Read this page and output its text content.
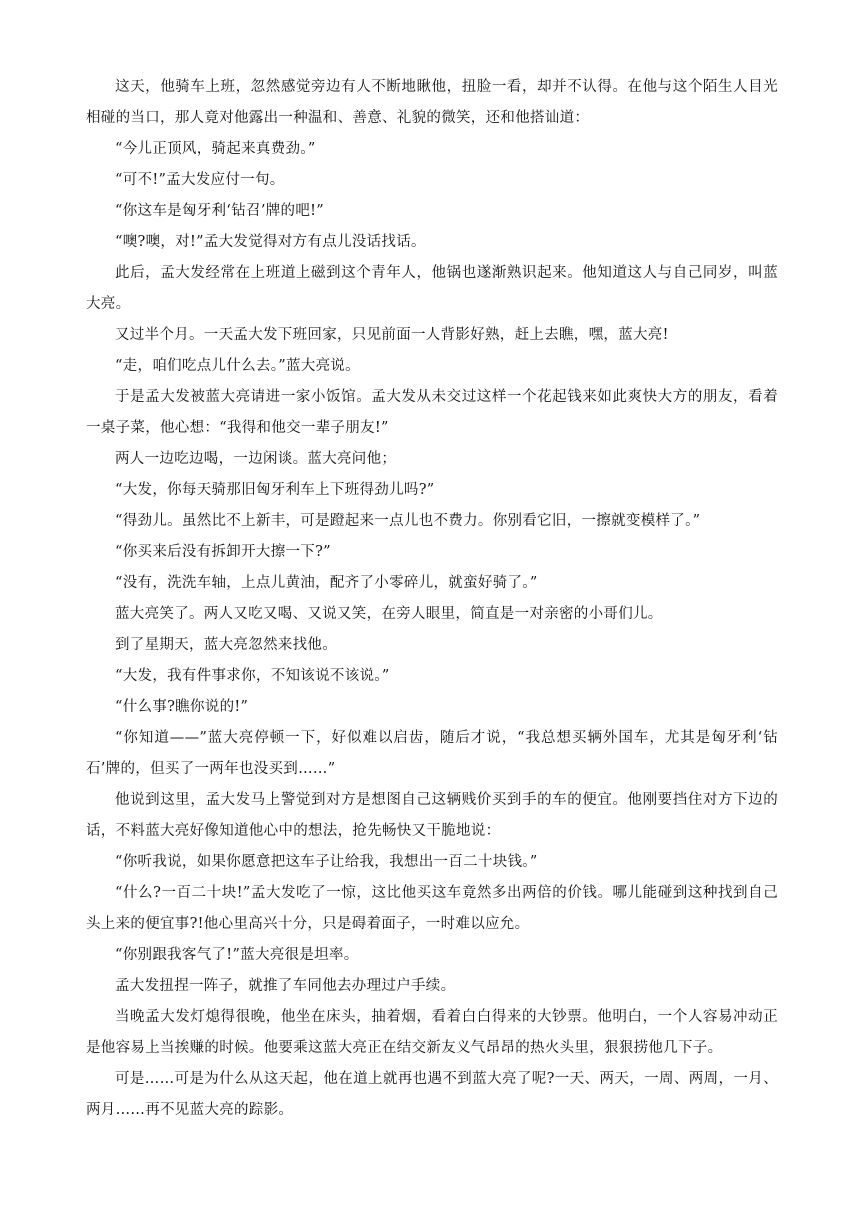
这天，他骑车上班，忽然感觉旁边有人不断地瞅他，扭脸一看，却并不认得。在他与这个陌生人目光相碰的当口，那人竟对他露出一种温和、善意、礼貌的微笑，还和他搭讪道：

“今儿正顶风，骑起来真费劲。”

“可不!”孟大发应付一句。

“你这车是匈牙利‘钻召’牌的吧!”

“噢?噢，对!”孟大发觉得对方有点儿没话找话。

此后，孟大发经常在上班道上磁到这个青年人，他锅也遂渐熟识起来。他知道这人与自己同岁，叫蓝大亮。

又过半个月。一天孟大发下班回家，只见前面一人背影好熟，赶上去瞧，嘿，蓝大亮!

“走，咱们吃点儿什么去。”蓝大亮说。

于是孟大发被蓝大亮请进一家小饭馆。孟大发从未交过这样一个花起钱来如此爽快大方的朋友，看着一桌子菜，他心想：“我得和他交一辈子朋友!”

两人一边吃边喝，一边闲谈。蓝大亮问他；

“大发，你每天骑那旧匈牙利车上下班得劲儿吗?”

“得劲儿。虽然比不上新丰，可是蹬起来一点儿也不费力。你别看它旧，一擦就变模样了。”

“你买来后没有拆卸开大擦一下?”

“没有，洗洗车轴，上点儿黄油，配齐了小零碎儿，就蛮好骑了。”

蓝大亮笑了。两人又吃又喝、又说又笑，在旁人眼里，简直是一对亲密的小哥们儿。

到了星期天，蓝大亮忽然来找他。

“大发，我有件事求你，不知该说不该说。”

“什么事?瞧你说的!”

“你知道——”蓝大亮停顿一下，好似难以启齿，随后才说，“我总想买辆外国车，尤其是匈牙利‘钻石’牌的，但买了一两年也没买到……”

他说到这里，孟大发马上警觉到对方是想图自己这辆贱价买到手的车的便宜。他刚要挡住对方下边的话，不料蓝大亮好像知道他心中的想法，抢先畅快又干脆地说：

“你听我说，如果你愿意把这车子让给我，我想出一百二十块钱。”

“什么?一百二十块!”孟大发吃了一惊，这比他买这车竟然多出两倍的价钱。哪儿能碰到这种找到自己头上来的便宜事?!他心里高兴十分，只是碍着面子，一时难以应允。

“你别跟我客气了!”蓝大亮很是坦率。

孟大发扭捏一阵子，就推了车同他去办理过户手续。

当晚孟大发灯熄得很晚，他坐在床头，抽着烟，看着白白得来的大钞票。他明白，一个人容易冲动正是他容易上当挨赚的时候。他要乘这蓝大亮正在结交新友义气昂昂的热火头里，狠狠捞他几下子。

可是……可是为什么从这天起，他在道上就再也遇不到蓝大亮了呢?一天、两天，一周、两周，一月、两月……再不见蓝大亮的踪影。
